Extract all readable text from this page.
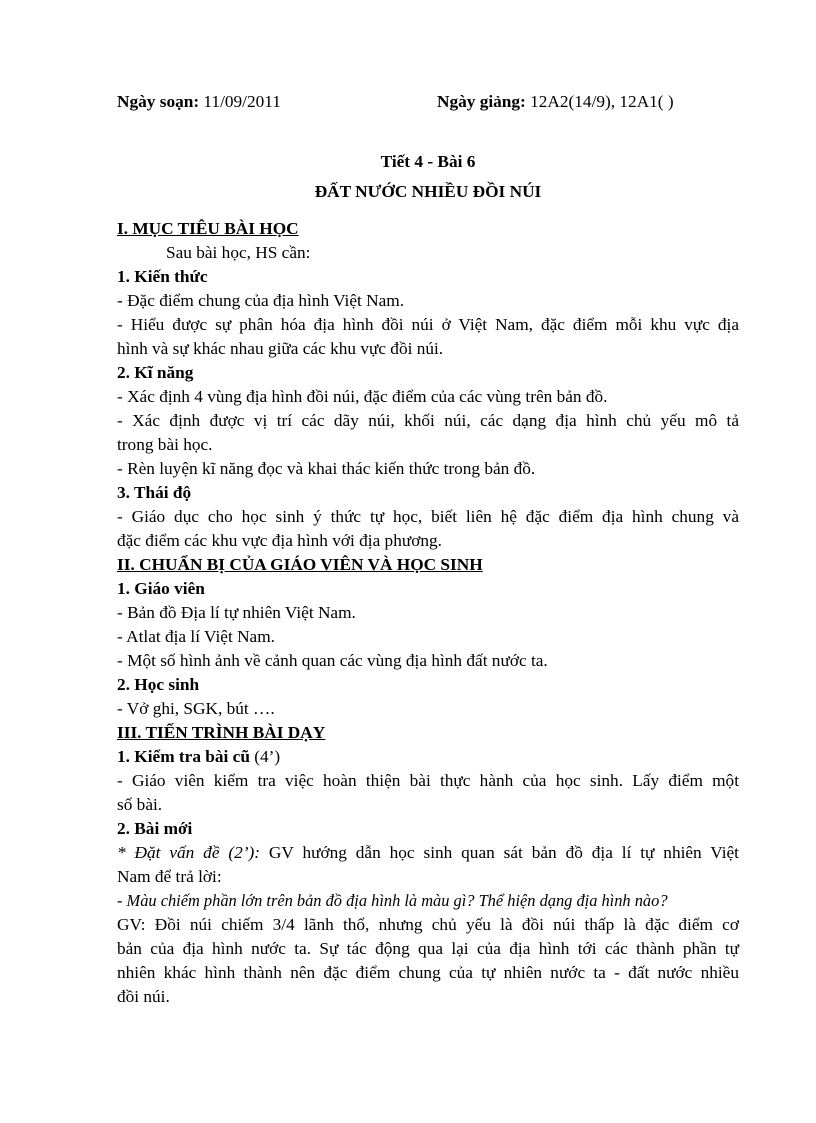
Ngày soạn: 11/09/2011	Ngày giảng: 12A2(14/9), 12A1( )
Tiết 4 - Bài 6
ĐẤT NƯỚC NHIỀU ĐỒI NÚI
I. MỤC TIÊU BÀI HỌC
Sau bài học, HS cần:
1. Kiến thức
- Đặc điểm chung của địa hình Việt Nam.
- Hiểu được sự phân hóa địa hình đồi núi ở Việt Nam, đặc điểm mỗi khu vực địa
hình và sự khác nhau giữa các khu vực đồi núi.
2. Kĩ năng
- Xác định 4 vùng địa hình đồi núi, đặc điểm của các vùng trên bản đồ.
- Xác định được vị trí các dãy núi, khối núi, các dạng địa hình chủ yếu mô tả
trong bài học.
- Rèn luyện kĩ năng đọc và khai thác kiến thức trong bản đồ.
3. Thái độ
- Giáo dục cho học sinh ý thức tự học, biết liên hệ đặc điểm địa hình chung và
đặc điểm các khu vực địa hình với địa phương.
II. CHUẨN BỊ CỦA GIÁO VIÊN VÀ HỌC SINH
1. Giáo viên
- Bản đồ Địa lí tự nhiên Việt Nam.
- Atlat địa lí Việt Nam.
- Một số hình ảnh về cảnh quan các vùng địa hình đất nước ta.
2. Học sinh
- Vở ghi, SGK, bút ….
III. TIẾN TRÌNH BÀI DẠY
1. Kiểm tra bài cũ (4’)
- Giáo viên kiểm tra việc hoàn thiện bài thực hành của học sinh. Lấy điểm một
số bài.
2. Bài mới
* Đặt vấn đề (2’): GV hướng dẫn học sinh quan sát bản đồ địa lí tự nhiên Việt
Nam để trả lời:
- Màu chiếm phần lớn trên bản đồ địa hình là màu gì? Thể hiện dạng địa hình nào?
GV: Đồi núi chiếm 3/4 lãnh thổ, nhưng chủ yếu là đồi núi thấp là đặc điểm cơ
bản của địa hình nước ta. Sự tác động qua lại của địa hình tới các thành phần tự
nhiên khác hình thành nên đặc điểm chung của tự nhiên nước ta - đất nước nhiều
đồi núi.
